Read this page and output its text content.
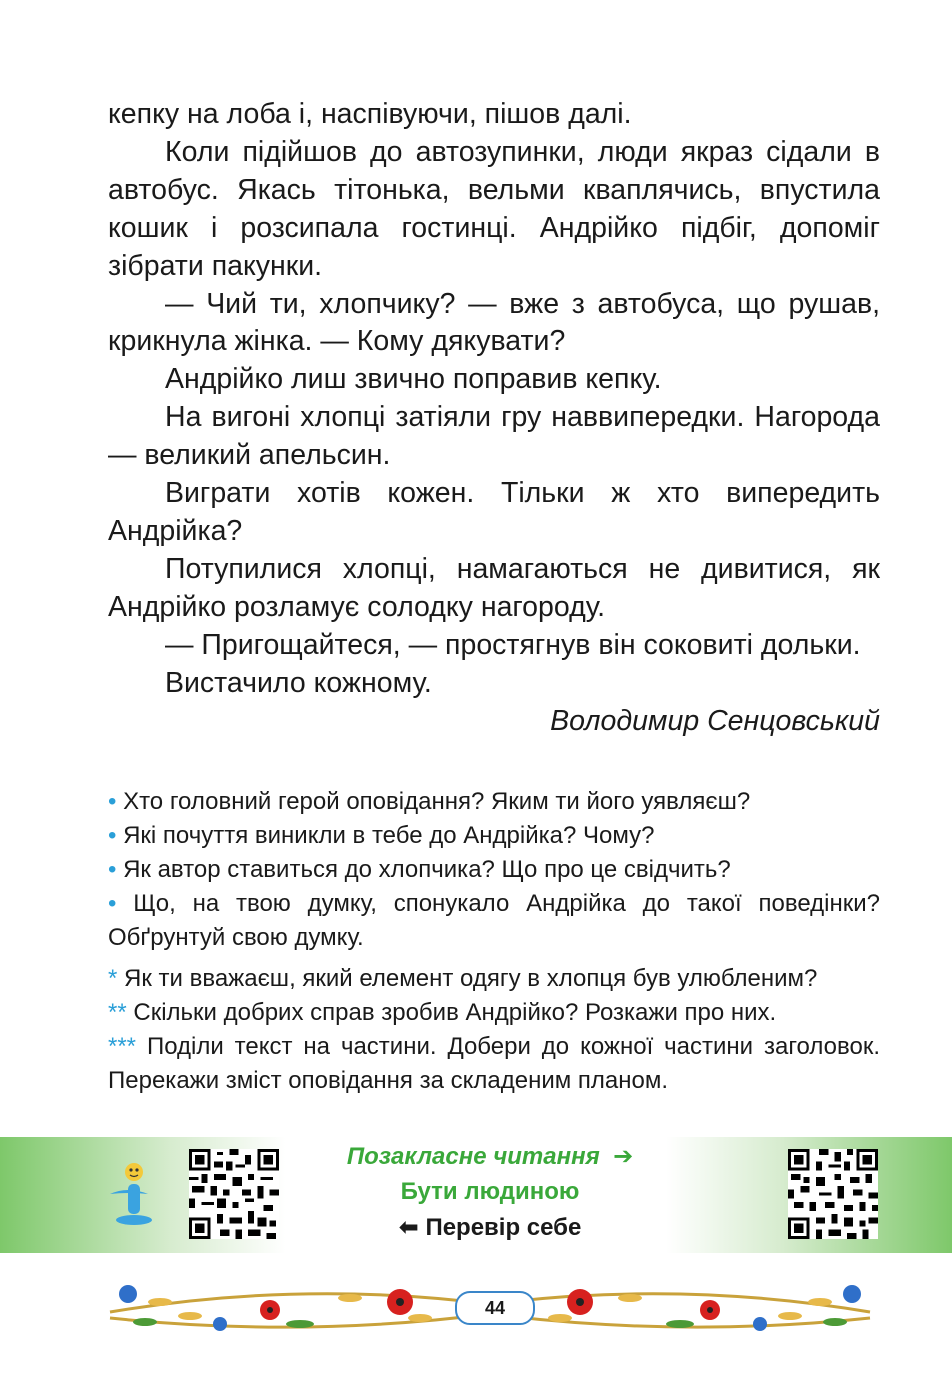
кепку на лоба і, наспівуючи, пішов далі.

Коли підійшов до автозупинки, люди якраз сідали в автобус. Якась тітонька, вельми кваплячись, впустила кошик і розсипала гостинці. Андрійко підбіг, допоміг зібрати пакунки.

— Чий ти, хлопчику? — вже з автобуса, що рушав, крикнула жінка. — Кому дякувати?

Андрійко лиш звично поправив кепку.

На вигоні хлопці затіяли гру наввипередки. Нагорода — великий апельсин.

Виграти хотів кожен. Тільки ж хто випередить Андрійка?

Потупилися хлопці, намагаються не дивитися, як Андрійко розламує солодку нагороду.

— Пригощайтеся, — простягнув він соковиті дольки.

Вистачило кожному.

Володимир Сенцовський

• Хто головний герой оповідання? Яким ти його уявляєш?

• Які почуття виникли в тебе до Андрійка? Чому?

• Як автор ставиться до хлопчика? Що про це свідчить?

• Що, на твою думку, спонукало Андрійка до такої поведінки? Обґрунтуй свою думку.

* Як ти вважаєш, який елемент одягу в хлопця був улюбленим?

** Скільки добрих справ зробив Андрійко? Розкажи про них.

*** Поділи текст на частини. Добери до кожної частини заголовок. Перекажи зміст оповідання за складеним планом.

Позакласне читання ➔
Бути людиною
⬅ Перевір себе
44
